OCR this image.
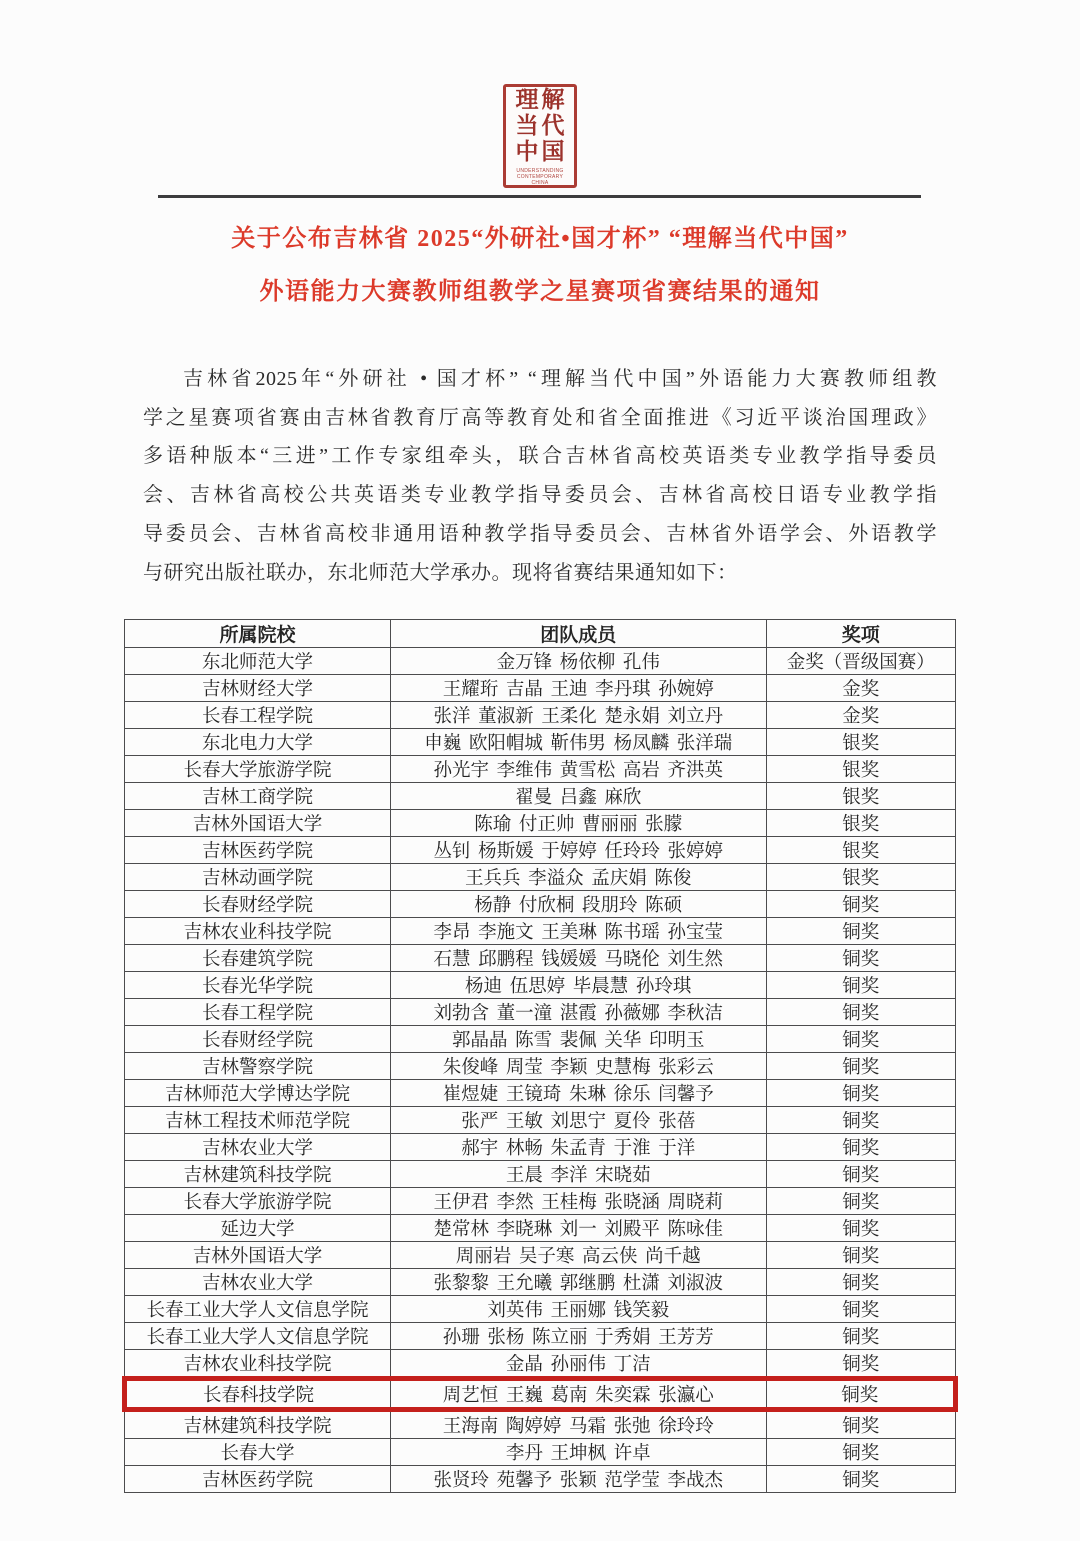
理解
当代
中国
UNDERSTANDING
CONTEMPORARY CHINA
关于公布吉林省 2025“外研社•国才杯” “理解当代中国”
外语能力大赛教师组教学之星赛项省赛结果的通知
吉林省2025年“外研社 • 国才杯” “理解当代中国”外语能力大赛教师组教
学之星赛项省赛由吉林省教育厅高等教育处和省全面推进《习近平谈治国理政》
多语种版本“三进”工作专家组牵头，联合吉林省高校英语类专业教学指导委员
会、吉林省高校公共英语类专业教学指导委员会、吉林省高校日语专业教学指
导委员会、吉林省高校非通用语种教学指导委员会、吉林省外语学会、外语教学
与研究出版社联办，东北师范大学承办。现将省赛结果通知如下：
所属院校	团队成员	奖项
东北师范大学	金万锋 杨依柳 孔伟	金奖（晋级国赛）
吉林财经大学	王耀珩 吉晶 王迪 李丹琪 孙婉婷	金奖
长春工程学院	张洋 董淑新 王柔化 楚永娟 刘立丹	金奖
东北电力大学	申巍 欧阳帽城 靳伟男 杨凤麟 张洋瑞	银奖
长春大学旅游学院	孙光宇 李维伟 黄雪松 高岩 齐洪英	银奖
吉林工商学院	翟曼 吕鑫 麻欣	银奖
吉林外国语大学	陈瑜 付正帅 曹丽丽 张朦	银奖
吉林医药学院	丛钊 杨斯媛 于婷婷 任玲玲 张婷婷	银奖
吉林动画学院	王兵兵 李溢众 孟庆娟 陈俊	银奖
长春财经学院	杨静 付欣桐 段朋玲 陈硕	铜奖
吉林农业科技学院	李昂 李施文 王美琳 陈书瑶 孙宝莹	铜奖
长春建筑学院	石慧 邱鹏程 钱媛媛 马晓伦 刘生然	铜奖
长春光华学院	杨迪 伍思婷 毕晨慧 孙玲琪	铜奖
长春工程学院	刘勃含 董一潼 湛霞 孙薇娜 李秋洁	铜奖
长春财经学院	郭晶晶 陈雪 裴佩 关华 印明玉	铜奖
吉林警察学院	朱俊峰 周莹 李颖 史慧梅 张彩云	铜奖
吉林师范大学博达学院	崔煜婕 王镜琦 朱琳 徐乐 闫馨予	铜奖
吉林工程技术师范学院	张严 王敏 刘思宁 夏伶 张蓓	铜奖
吉林农业大学	郝宇 林畅 朱孟青 于淮 于洋	铜奖
吉林建筑科技学院	王晨 李洋 宋晓茹	铜奖
长春大学旅游学院	王伊君 李然 王桂梅 张晓涵 周晓莉	铜奖
延边大学	楚常林 李晓琳 刘一 刘殿平 陈咏佳	铜奖
吉林外国语大学	周丽岩 吴子寒 高云侠 尚千越	铜奖
吉林农业大学	张黎黎 王允曦 郭继鹏 杜潇 刘淑波	铜奖
长春工业大学人文信息学院	刘英伟 王丽娜 钱笑毅	铜奖
长春工业大学人文信息学院	孙珊 张杨 陈立丽 于秀娟 王芳芳	铜奖
吉林农业科技学院	金晶 孙丽伟 丁洁	铜奖
长春科技学院	周艺恒 王巍 葛南 朱奕霖 张瀛心	铜奖
吉林建筑科技学院	王海南 陶婷婷 马霜 张弛 徐玲玲	铜奖
长春大学	李丹 王坤枫 许卓	铜奖
吉林医药学院	张贤玲 苑馨予 张颖 范学莹 李战杰	铜奖
